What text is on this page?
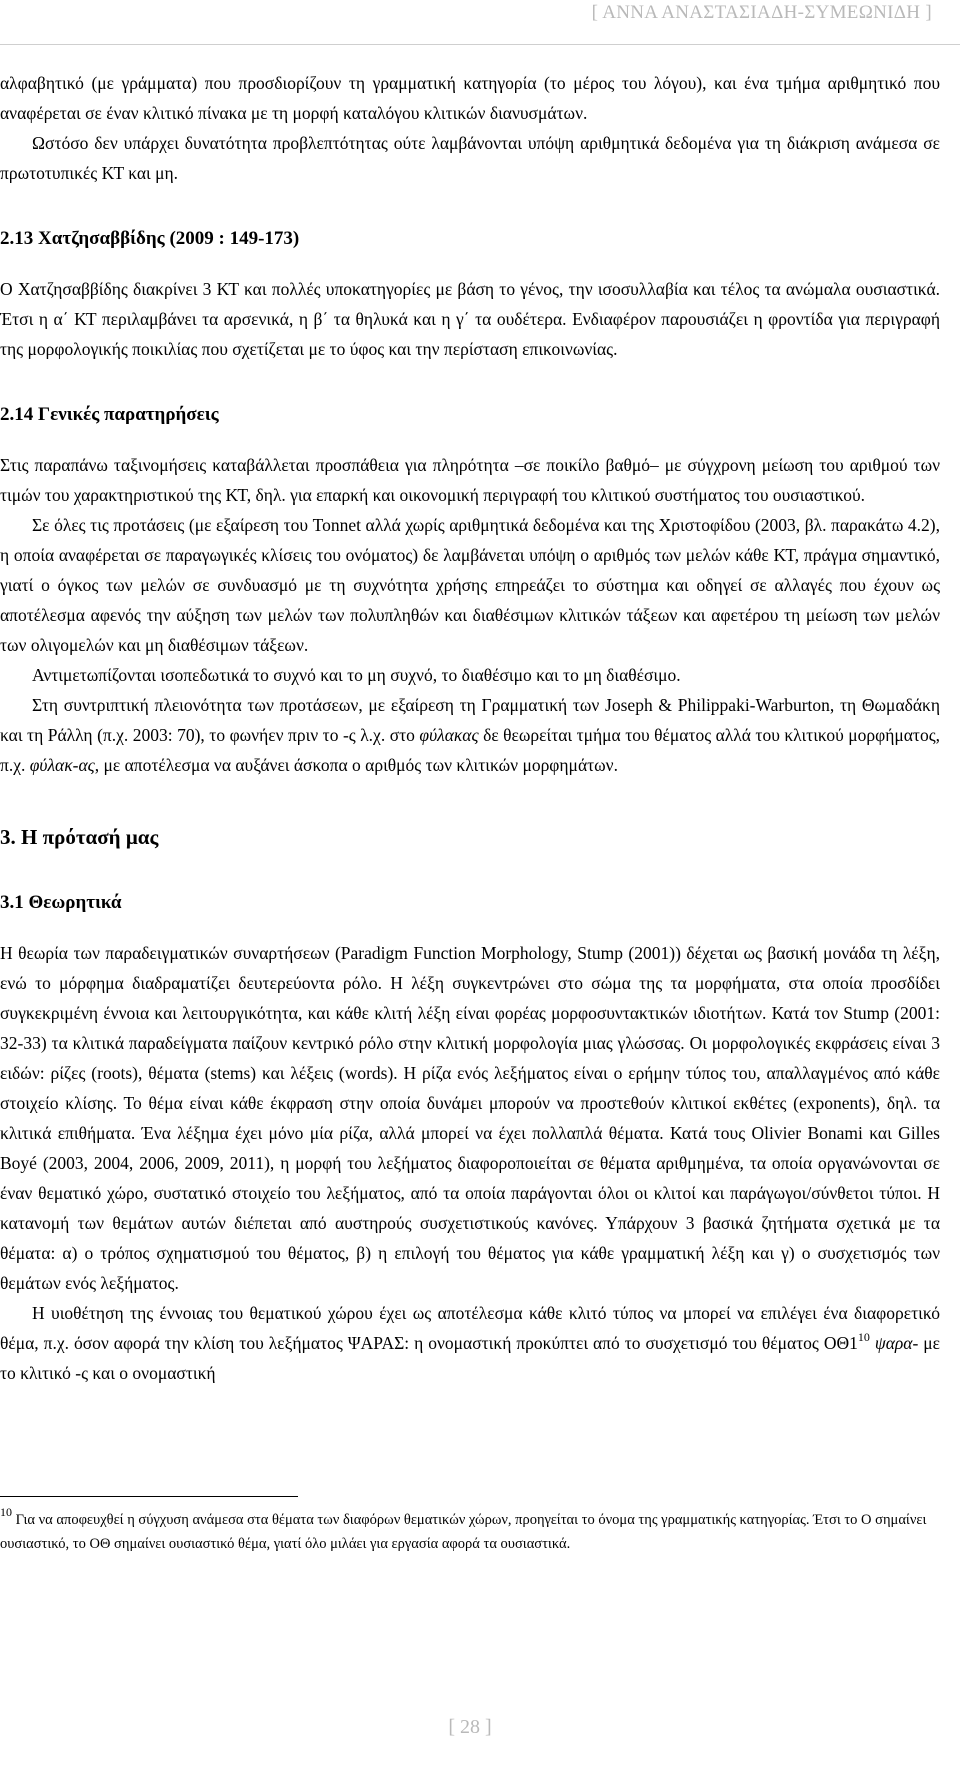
[ ΑΝΝΑ ΑΝΑΣΤΑΣΙΑΔΗ-ΣΥΜΕΩΝΙΔΗ ]

αλφαβητικό (με γράμματα) που προσδιορίζουν τη γραμματική κατηγορία (το μέρος του λόγου), και ένα τμήμα αριθμητικό που αναφέρεται σε έναν κλιτικό πίνακα με τη μορφή καταλόγου κλιτικών διανυσμάτων.

Ωστόσο δεν υπάρχει δυνατότητα προβλεπτότητας ούτε λαμβάνονται υπόψη αριθμητικά δεδομένα για τη διάκριση ανάμεσα σε πρωτοτυπικές ΚΤ και μη.

2.13 Χατζησαββίδης (2009 : 149-173)

Ο Χατζησαββίδης διακρίνει 3 ΚΤ και πολλές υποκατηγορίες με βάση το γένος, την ισοσυλλαβία και τέλος τα ανώμαλα ουσιαστικά. Έτσι η α΄ ΚΤ περιλαμβάνει τα αρσενικά, η β΄ τα θηλυκά και η γ΄ τα ουδέτερα. Ενδιαφέρον παρουσιάζει η φροντίδα για περιγραφή της μορφολογικής ποικιλίας που σχετίζεται με το ύφος και την περίσταση επικοινωνίας.

2.14 Γενικές παρατηρήσεις

Στις παραπάνω ταξινομήσεις καταβάλλεται προσπάθεια για πληρότητα –σε ποικίλο βαθμό– με σύγχρονη μείωση του αριθμού των τιμών του χαρακτηριστικού της ΚΤ, δηλ. για επαρκή και οικονομική περιγραφή του κλιτικού συστήματος του ουσιαστικού.

Σε όλες τις προτάσεις (με εξαίρεση του Tonnet αλλά χωρίς αριθμητικά δεδομένα και της Χριστοφίδου (2003, βλ. παρακάτω 4.2), η οποία αναφέρεται σε παραγωγικές κλίσεις του ονόματος) δε λαμβάνεται υπόψη ο αριθμός των μελών κάθε ΚΤ, πράγμα σημαντικό, γιατί ο όγκος των μελών σε συνδυασμό με τη συχνότητα χρήσης επηρεάζει το σύστημα και οδηγεί σε αλλαγές που έχουν ως αποτέλεσμα αφενός την αύξηση των μελών των πολυπληθών και διαθέσιμων κλιτικών τάξεων και αφετέρου τη μείωση των μελών των ολιγομελών και μη διαθέσιμων τάξεων.

Αντιμετωπίζονται ισοπεδωτικά το συχνό και το μη συχνό, το διαθέσιμο και το μη διαθέσιμο.

Στη συντριπτική πλειονότητα των προτάσεων, με εξαίρεση τη Γραμματική των Joseph & Philippaki-Warburton, τη Θωμαδάκη και τη Ράλλη (π.χ. 2003: 70), το φωνήεν πριν το -ς λ.χ. στο φύλακας δε θεωρείται τμήμα του θέματος αλλά του κλιτικού μορφήματος, π.χ. φύλακ-ας, με αποτέλεσμα να αυξάνει άσκοπα ο αριθμός των κλιτικών μορφημάτων.

3. Η πρότασή μας
3.1 Θεωρητικά

Η θεωρία των παραδειγματικών συναρτήσεων (Paradigm Function Morphology, Stump (2001)) δέχεται ως βασική μονάδα τη λέξη, ενώ το μόρφημα διαδραματίζει δευτερεύοντα ρόλο. Η λέξη συγκεντρώνει στο σώμα της τα μορφήματα, στα οποία προσδίδει συγκεκριμένη έννοια και λειτουργικότητα, και κάθε κλιτή λέξη είναι φορέας μορφοσυντακτικών ιδιοτήτων. Κατά τον Stump (2001: 32-33) τα κλιτικά παραδείγματα παίζουν κεντρικό ρόλο στην κλιτική μορφολογία μιας γλώσσας. Οι μορφολογικές εκφράσεις είναι 3 ειδών: ρίζες (roots), θέματα (stems) και λέξεις (words). Η ρίζα ενός λεξήματος είναι ο ερήμην τύπος του, απαλλαγμένος από κάθε στοιχείο κλίσης. Το θέμα είναι κάθε έκφραση στην οποία δυνάμει μπορούν να προστεθούν κλιτικοί εκθέτες (exponents), δηλ. τα κλιτικά επιθήματα. Ένα λέξημα έχει μόνο μία ρίζα, αλλά μπορεί να έχει πολλαπλά θέματα. Κατά τους Olivier Bonami και Gilles Boyé (2003, 2004, 2006, 2009, 2011), η μορφή του λεξήματος διαφοροποιείται σε θέματα αριθμημένα, τα οποία οργανώνονται σε έναν θεματικό χώρο, συστατικό στοιχείο του λεξήματος, από τα οποία παράγονται όλοι οι κλιτοί και παράγωγοι/σύνθετοι τύποι. Η κατανομή των θεμάτων αυτών διέπεται από αυστηρούς συσχετιστικούς κανόνες. Υπάρχουν 3 βασικά ζητήματα σχετικά με τα θέματα: α) ο τρόπος σχηματισμού του θέματος, β) η επιλογή του θέματος για κάθε γραμματική λέξη και γ) ο συσχετισμός των θεμάτων ενός λεξήματος.

Η υιοθέτηση της έννοιας του θεματικού χώρου έχει ως αποτέλεσμα κάθε κλιτό τύπος να μπορεί να επιλέγει ένα διαφορετικό θέμα, π.χ. όσον αφορά την κλίση του λεξήματος ΨΑΡΑΣ: η ονομαστική προκύπτει από το συσχετισμό του θέματος $O\Theta 1^{10}$ ψαρα- με το κλιτικό -ς και ο ονομαστική

$^{10}$ Για να αποφευχθεί η σύγχυση ανάμεσα στα θέματα των διαφόρων θεματικών χώρων, προηγείται το όνομα της γραμματικής κατηγορίας. Έτσι το Ο σημαίνει ουσιαστικό, το ΟΘ σημαίνει ουσιαστικό θέμα, γιατί όλο μιλάει για εργασία αφορά τα ουσιαστικά.
[ 28 ]
